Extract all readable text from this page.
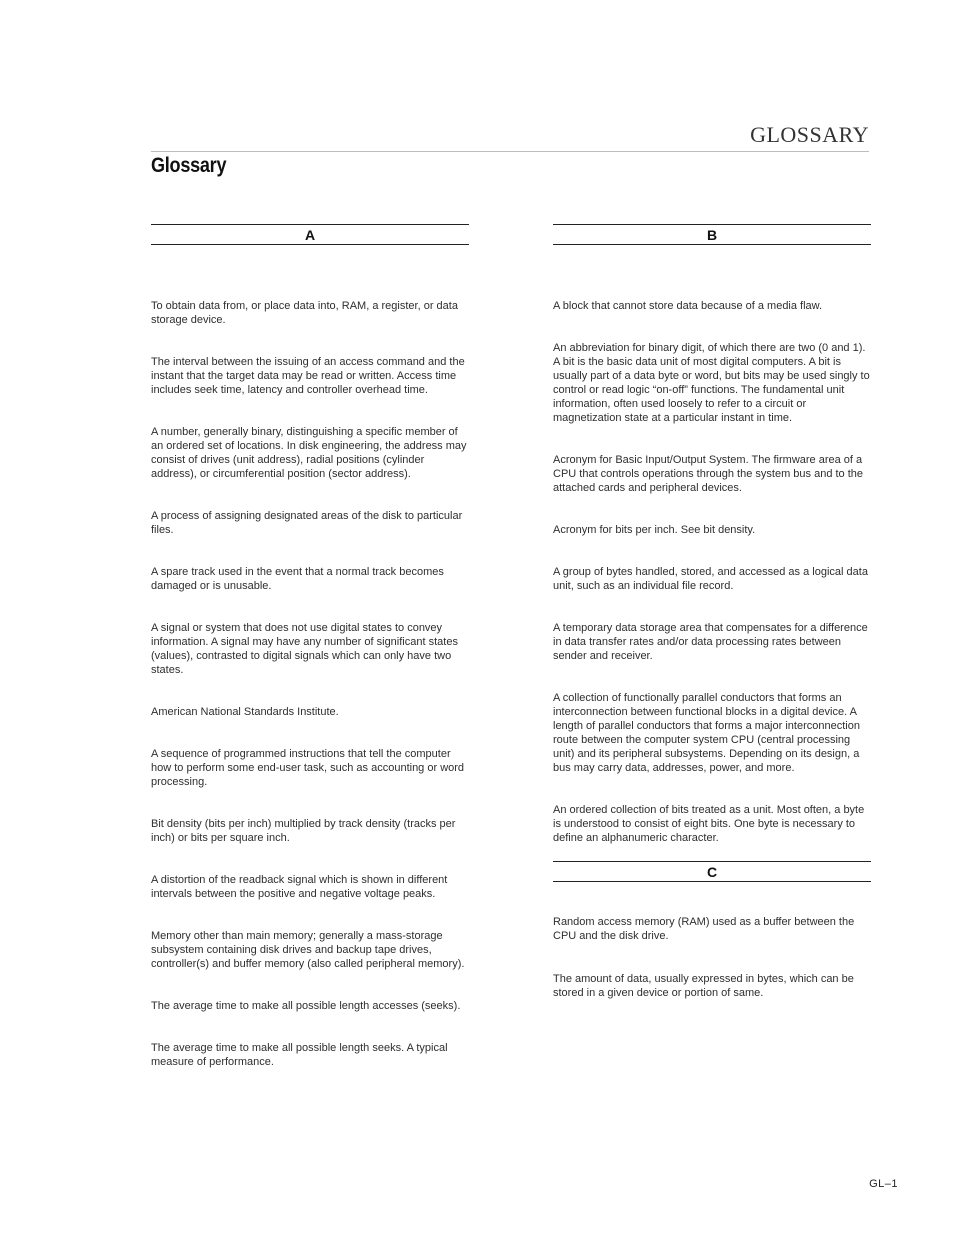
GLOSSARY
Glossary
A

To obtain data from, or place data into, RAM, a register, or data storage device.

The interval between the issuing of an access command and the instant that the target data may be read or written. Access time includes seek time, latency and controller overhead time.

A number, generally binary, distinguishing a specific member of an ordered set of locations. In disk engineering, the address may consist of drives (unit address), radial positions (cylinder address), or circumferential position (sector address).

A process of assigning designated areas of the disk to particular files.

A spare track used in the event that a normal track becomes damaged or is unusable.

A signal or system that does not use digital states to convey information. A signal may have any number of significant states (values), contrasted to digital signals which can only have two states.

American National Standards Institute.

A sequence of programmed instructions that tell the computer how to perform some end-user task, such as accounting or word processing.

Bit density (bits per inch) multiplied by track density (tracks per inch) or bits per square inch.

A distortion of the readback signal which is shown in different intervals between the positive and negative voltage peaks.

Memory other than main memory; generally a mass-storage subsystem containing disk drives and backup tape drives, controller(s) and buffer memory (also called peripheral memory).

The average time to make all possible length accesses (seeks).

The average time to make all possible length seeks. A typical measure of performance.

B

A block that cannot store data because of a media flaw.

An abbreviation for binary digit, of which there are two (0 and 1). A bit is the basic data unit of most digital computers. A bit is usually part of a data byte or word, but bits may be used singly to control or read logic “on-off” functions. The fundamental unit information, often used loosely to refer to a circuit or magnetization state at a particular instant in time.

Acronym for Basic Input/Output System. The firmware area of a CPU that controls operations through the system bus and to the attached cards and peripheral devices.

Acronym for bits per inch. See bit density.

A group of bytes handled, stored, and accessed as a logical data unit, such as an individual file record.

A temporary data storage area that compensates for a difference in data transfer rates and/or data processing rates between sender and receiver.

A collection of functionally parallel conductors that forms an interconnection between functional blocks in a digital device. A length of parallel conductors that forms a major interconnection route between the computer system CPU (central processing unit) and its peripheral subsystems. Depending on its design, a bus may carry data, addresses, power, and more.

An ordered collection of bits treated as a unit. Most often, a byte is understood to consist of eight bits. One byte is necessary to define an alphanumeric character.

C

Random access memory (RAM) used as a buffer between the CPU and the disk drive.

The amount of data, usually expressed in bytes, which can be stored in a given device or portion of same.

GL–1
